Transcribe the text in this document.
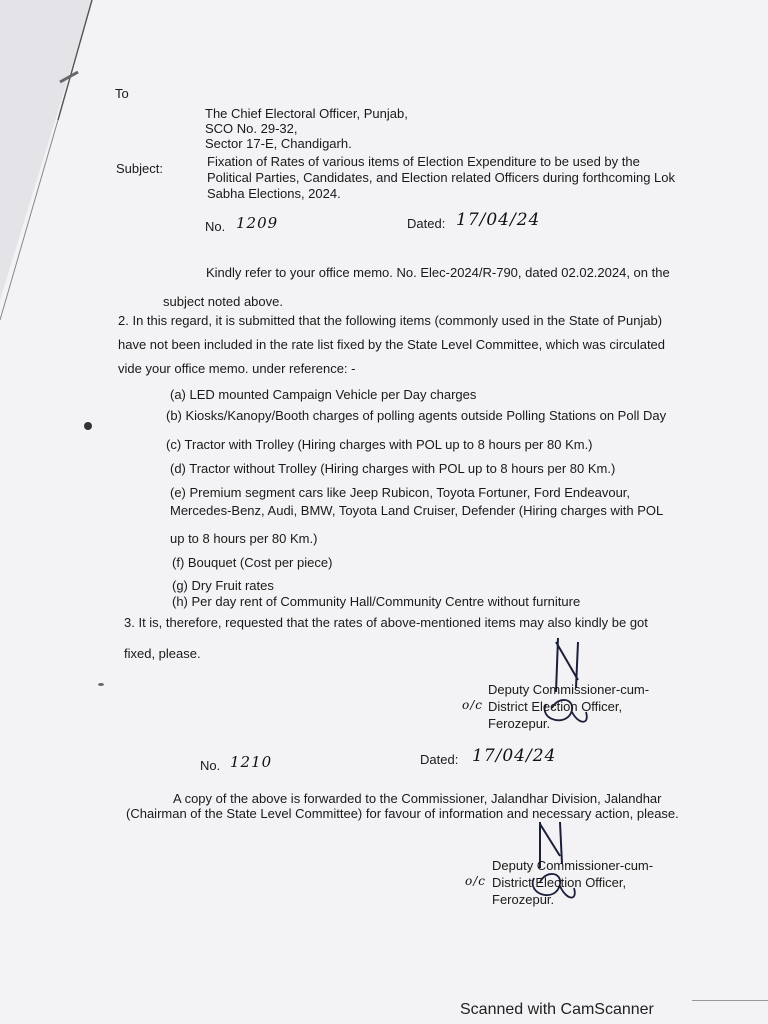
To
The Chief Electoral Officer, Punjab,
SCO No. 29-32,
Sector 17-E, Chandigarh.
Subject:	Fixation of Rates of various items of Election Expenditure to be used by the
Political Parties, Candidates, and Election related Officers during forthcoming Lok
Sabha Elections, 2024.
No. 1209	Dated: 17/04/24
Kindly refer to your office memo. No. Elec-2024/R-790, dated 02.02.2024, on the
subject noted above.
2. In this regard, it is submitted that the following items (commonly used in the State of Punjab)
have not been included in the rate list fixed by the State Level Committee, which was circulated
vide your office memo. under reference: -
(a) LED mounted Campaign Vehicle per Day charges
(b) Kiosks/Kanopy/Booth charges of polling agents outside Polling Stations on Poll Day
(c) Tractor with Trolley (Hiring charges with POL up to 8 hours per 80 Km.)
(d) Tractor without Trolley (Hiring charges with POL up to 8 hours per 80 Km.)
(e) Premium segment cars like Jeep Rubicon, Toyota Fortuner, Ford Endeavour,
Mercedes-Benz, Audi, BMW, Toyota Land Cruiser, Defender (Hiring charges with POL
up to 8 hours per 80 Km.)
(f) Bouquet (Cost per piece)
(g) Dry Fruit rates
(h) Per day rent of Community Hall/Community Centre without furniture
3. It is, therefore, requested that the rates of above-mentioned items may also kindly be got
fixed, please.
o/c
Deputy Commissioner-cum-
District Election Officer,
Ferozepur.
No. 1210	Dated: 17/04/24
A copy of the above is forwarded to the Commissioner, Jalandhar Division, Jalandhar
(Chairman of the State Level Committee) for favour of information and necessary action, please.
o/c
Deputy Commissioner-cum-
District Election Officer,
Ferozepur.
Scanned with CamScanner
